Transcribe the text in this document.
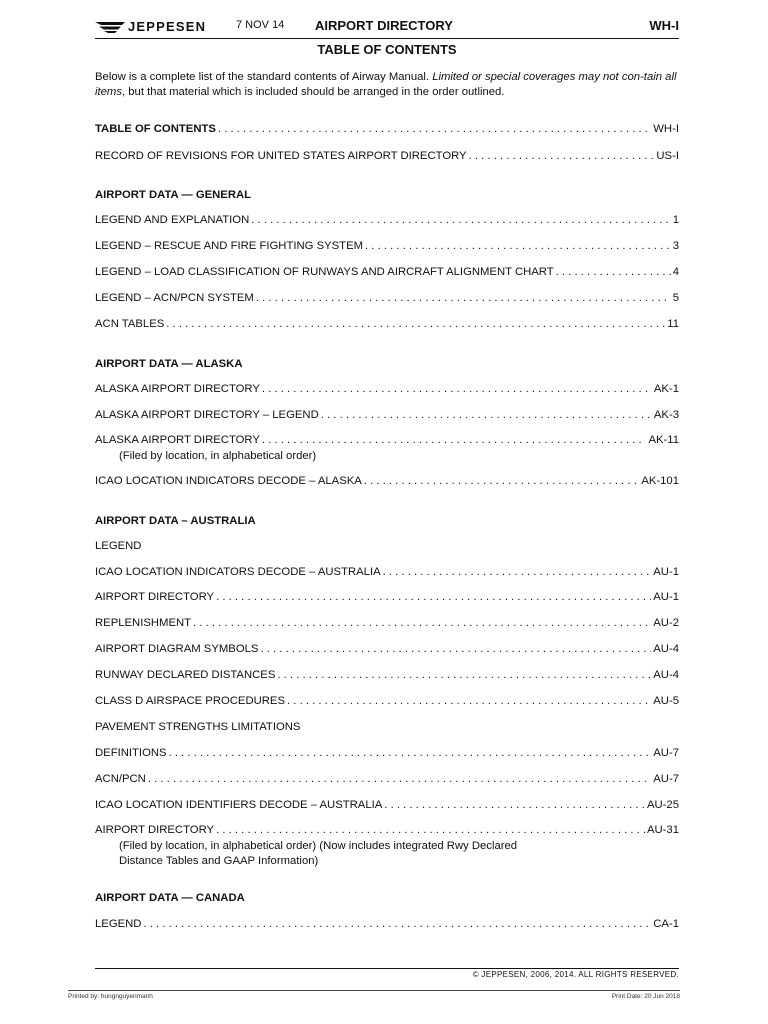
JEPPESEN	7 NOV 14 AIRPORT DIRECTORY	WH-I
TABLE OF CONTENTS
Below is a complete list of the standard contents of Airway Manual. Limited or special coverages may not con-tain all items, but that material which is included should be arranged in the order outlined.
TABLE OF CONTENTS . . .	WH-I
RECORD OF REVISIONS FOR UNITED STATES AIRPORT DIRECTORY . . .	US-I
AIRPORT DATA — GENERAL
LEGEND AND EXPLANATION . . .	1
LEGEND – RESCUE AND FIRE FIGHTING SYSTEM . . .	3
LEGEND – LOAD CLASSIFICATION OF RUNWAYS AND AIRCRAFT ALIGNMENT CHART . . .	4
LEGEND – ACN/PCN SYSTEM . . .	5
ACN TABLES . . .	11
AIRPORT DATA — ALASKA
ALASKA AIRPORT DIRECTORY . . .	AK-1
ALASKA AIRPORT DIRECTORY – LEGEND . . .	AK-3
ALASKA AIRPORT DIRECTORY . . .	AK-11
(Filed by location, in alphabetical order)
ICAO LOCATION INDICATORS DECODE – ALASKA . . .	AK-101
AIRPORT DATA – AUSTRALIA
LEGEND
ICAO LOCATION INDICATORS DECODE – AUSTRALIA . . .	AU-1
AIRPORT DIRECTORY . . .	AU-1
REPLENISHMENT . . .	AU-2
AIRPORT DIAGRAM SYMBOLS . . .	AU-4
RUNWAY DECLARED DISTANCES . . .	AU-4
CLASS D AIRSPACE PROCEDURES . . .	AU-5
PAVEMENT STRENGTHS LIMITATIONS
DEFINITIONS . . .	AU-7
ACN/PCN . . .	AU-7
ICAO LOCATION IDENTIFIERS DECODE – AUSTRALIA . . .	AU-25
AIRPORT DIRECTORY . . .	AU-31
(Filed by location, in alphabetical order) (Now includes integrated Rwy Declared
Distance Tables and GAAP Information)
AIRPORT DATA — CANADA
LEGEND . . .	CA-1
© JEPPESEN, 2006, 2014. ALL RIGHTS RESERVED.
Printed by: hungnguyenmanh	Print Date: 20 Jun 2018
